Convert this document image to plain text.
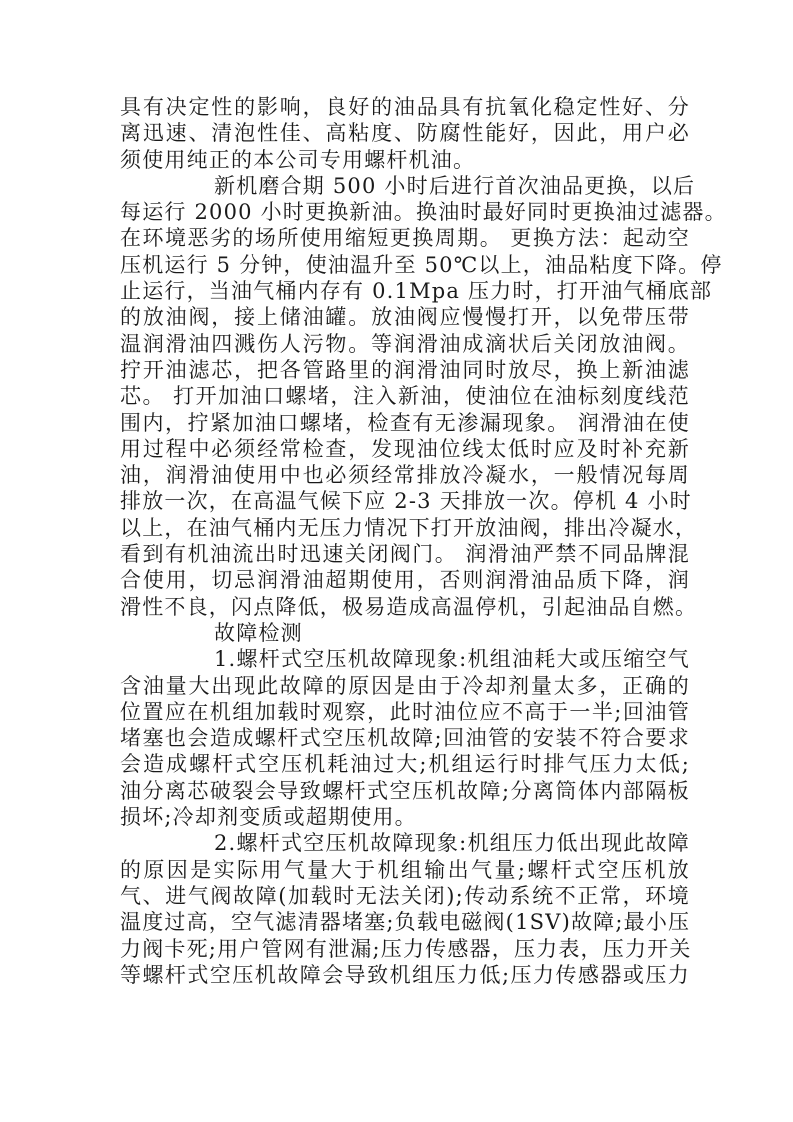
具有决定性的影响，良好的油品具有抗氧化稳定性好、分
离迅速、清泡性佳、高粘度、防腐性能好，因此，用户必
须使用纯正的本公司专用螺杆机油。
新机磨合期 500 小时后进行首次油品更换，以后
每运行 2000 小时更换新油。换油时最好同时更换油过滤器。
在环境恶劣的场所使用缩短更换周期。 更换方法：起动空
压机运行 5 分钟，使油温升至 50℃以上，油品粘度下降。停
止运行，当油气桶内存有 0.1Mpa 压力时，打开油气桶底部
的放油阀，接上储油罐。放油阀应慢慢打开，以免带压带
温润滑油四溅伤人污物。等润滑油成滴状后关闭放油阀。
拧开油滤芯，把各管路里的润滑油同时放尽，换上新油滤
芯。 打开加油口螺堵，注入新油，使油位在油标刻度线范
围内，拧紧加油口螺堵，检查有无渗漏现象。 润滑油在使
用过程中必须经常检查，发现油位线太低时应及时补充新
油，润滑油使用中也必须经常排放冷凝水，一般情况每周
排放一次，在高温气候下应 2-3 天排放一次。停机 4 小时
以上，在油气桶内无压力情况下打开放油阀，排出冷凝水，
看到有机油流出时迅速关闭阀门。 润滑油严禁不同品牌混
合使用，切忌润滑油超期使用，否则润滑油品质下降，润
滑性不良，闪点降低，极易造成高温停机，引起油品自燃。
故障检测
1.螺杆式空压机故障现象:机组油耗大或压缩空气
含油量大出现此故障的原因是由于冷却剂量太多，正确的
位置应在机组加载时观察，此时油位应不高于一半;回油管
堵塞也会造成螺杆式空压机故障;回油管的安装不符合要求
会造成螺杆式空压机耗油过大;机组运行时排气压力太低;
油分离芯破裂会导致螺杆式空压机故障;分离筒体内部隔板
损坏;冷却剂变质或超期使用。
2.螺杆式空压机故障现象:机组压力低出现此故障
的原因是实际用气量大于机组输出气量;螺杆式空压机放
气、进气阀故障(加载时无法关闭);传动系统不正常，环境
温度过高，空气滤清器堵塞;负载电磁阀(1SV)故障;最小压
力阀卡死;用户管网有泄漏;压力传感器，压力表，压力开关
等螺杆式空压机故障会导致机组压力低;压力传感器或压力
